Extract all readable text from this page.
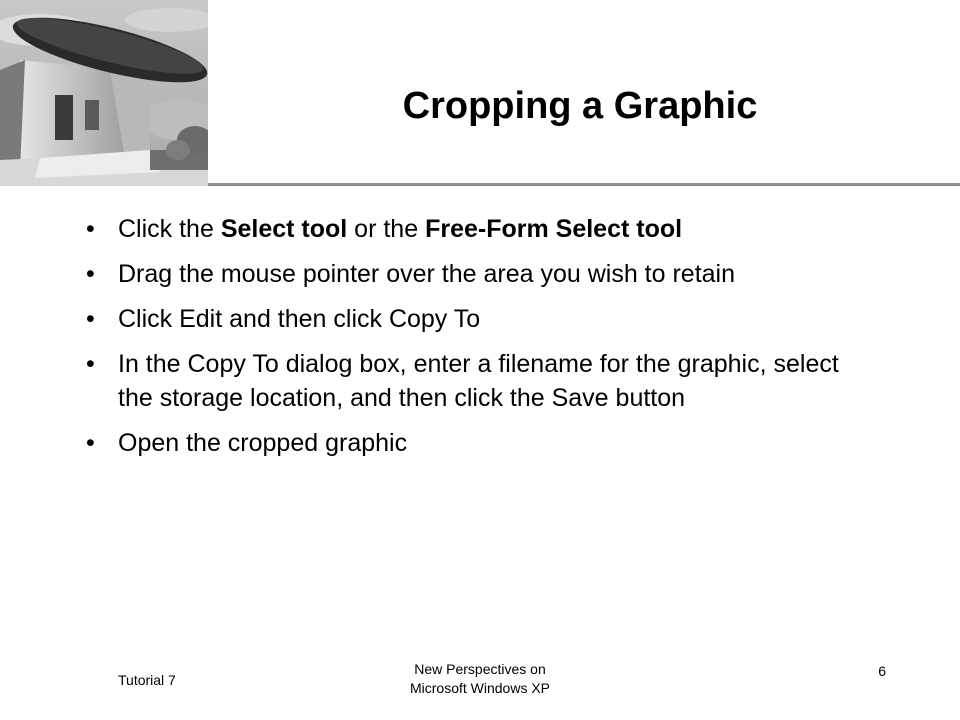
Cropping a Graphic
• Click the Select tool or the Free-Form Select tool
• Drag the mouse pointer over the area you wish to retain
• Click Edit and then click Copy To
• In the Copy To dialog box, enter a filename for the graphic, select the storage location, and then click the Save button
• Open the cropped graphic
Tutorial 7
New Perspectives on
Microsoft Windows XP
6
